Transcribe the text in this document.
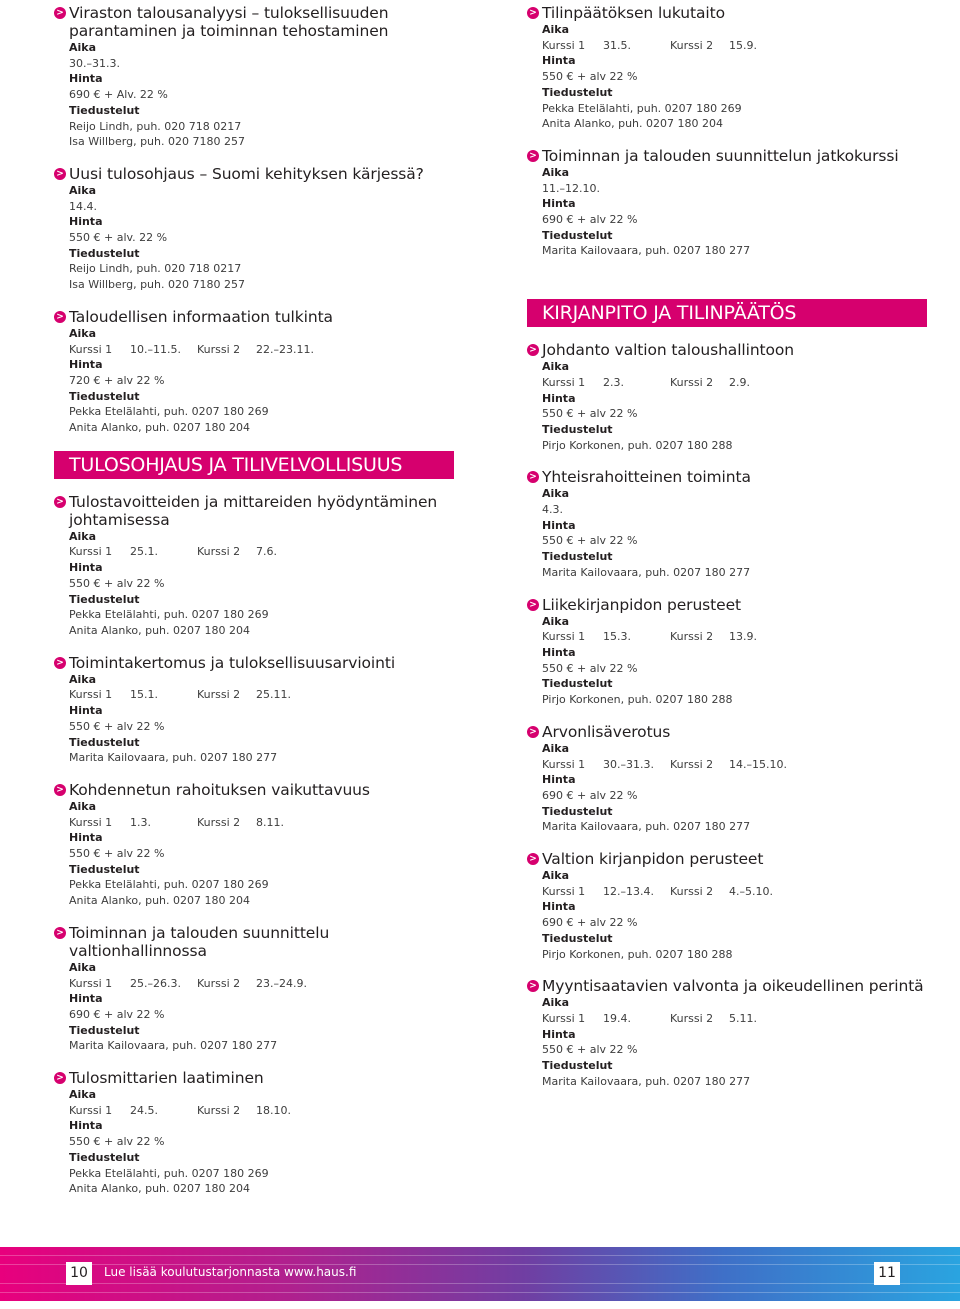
> Viraston talousanalyysi – tuloksellisuuden parantaminen ja toiminnan tehostaminen
Aika
30.–31.3.
Hinta
690 € + Alv. 22 %
Tiedustelut
Reijo Lindh, puh. 020 718 0217
Isa Willberg, puh. 020 7180 257
> Uusi tulosohjaus – Suomi kehityksen kärjessä?
Aika
14.4.
Hinta
550 € + alv. 22 %
Tiedustelut
Reijo Lindh, puh. 020 718 0217
Isa Willberg, puh. 020 7180 257
> Taloudellisen informaation tulkinta
Aika
Kurssi 1 10.–11.5. Kurssi 2 22.–23.11.
Hinta
720 € + alv 22 %
Tiedustelut
Pekka Etelälahti, puh. 0207 180 269
Anita Alanko, puh. 0207 180 204
TULOSOHJAUS JA TILIVELVOLLISUUS
> Tulostavoitteiden ja mittareiden hyödyntäminen johtamisessa
Aika
Kurssi 1 25.1.	Kurssi 2 7.6.
Hinta
550 € + alv 22 %
Tiedustelut
Pekka Etelälahti, puh. 0207 180 269
Anita Alanko, puh. 0207 180 204
> Toimintakertomus ja tuloksellisuusarviointi
Aika
Kurssi 1 15.1.	Kurssi 2 25.11.
Hinta
550 € + alv 22 %
Tiedustelut
Marita Kailovaara, puh. 0207 180 277
> Kohdennetun rahoituksen vaikuttavuus
Aika
Kurssi 1 1.3.	Kurssi 2 8.11.
Hinta
550 € + alv 22 %
Tiedustelut
Pekka Etelälahti, puh. 0207 180 269
Anita Alanko, puh. 0207 180 204
> Toiminnan ja talouden suunnittelu valtionhallinnossa
Aika
Kurssi 1 25.–26.3. Kurssi 2 23.–24.9.
Hinta
690 € + alv 22 %
Tiedustelut
Marita Kailovaara, puh. 0207 180 277
> Tulosmittarien laatiminen
Aika
Kurssi 1 24.5.	Kurssi 2 18.10.
Hinta
550 € + alv 22 %
Tiedustelut
Pekka Etelälahti, puh. 0207 180 269
Anita Alanko, puh. 0207 180 204
> Tilinpäätöksen lukutaito
Aika
Kurssi 1 31.5.	Kurssi 2 15.9.
Hinta
550 € + alv 22 %
Tiedustelut
Pekka Etelälahti, puh. 0207 180 269
Anita Alanko, puh. 0207 180 204
> Toiminnan ja talouden suunnittelun jatkokurssi
Aika
11.–12.10.
Hinta
690 € + alv 22 %
Tiedustelut
Marita Kailovaara, puh. 0207 180 277
KIRJANPITO JA TILINPÄÄTÖS
> Johdanto valtion taloushallintoon
Aika
Kurssi 1 2.3.	Kurssi 2 2.9.
Hinta
550 € + alv 22 %
Tiedustelut
Pirjo Korkonen, puh. 0207 180 288
> Yhteisrahoitteinen toiminta
Aika
4.3.
Hinta
550 € + alv 22 %
Tiedustelut
Marita Kailovaara, puh. 0207 180 277
> Liikekirjanpidon perusteet
Aika
Kurssi 1 15.3.	Kurssi 2 13.9.
Hinta
550 € + alv 22 %
Tiedustelut
Pirjo Korkonen, puh. 0207 180 288
> Arvonlisäverotus
Aika
Kurssi 1 30.–31.3. Kurssi 2 14.–15.10.
Hinta
690 € + alv 22 %
Tiedustelut
Marita Kailovaara, puh. 0207 180 277
> Valtion kirjanpidon perusteet
Aika
Kurssi 1 12.–13.4. Kurssi 2 4.–5.10.
Hinta
690 € + alv 22 %
Tiedustelut
Pirjo Korkonen, puh. 0207 180 288
> Myyntisaatavien valvonta ja oikeudellinen perintä
Aika
Kurssi 1 19.4.	Kurssi 2 5.11.
Hinta
550 € + alv 22 %
Tiedustelut
Marita Kailovaara, puh. 0207 180 277
10	Lue lisää koulutustarjonnasta www.haus.fi	11
